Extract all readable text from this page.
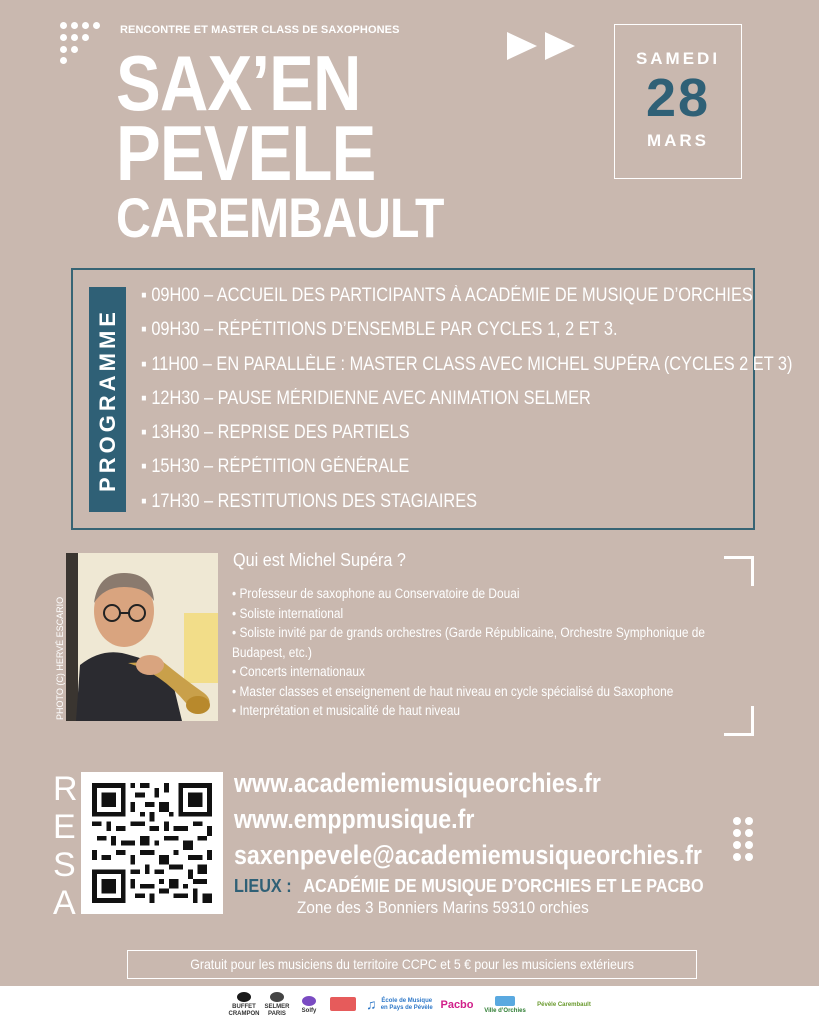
RENCONTRE ET MASTER CLASS DE SAXOPHONES
SAX’EN
PEVELE
CAREMBAULT
SAMEDI
28
MARS
PROGRAMME
▪ 09H00 – ACCUEIL DES PARTICIPANTS À ACADÉMIE DE MUSIQUE D’ORCHIES
▪ 09H30 – RÉPÉTITIONS D’ENSEMBLE PAR CYCLES 1, 2 ET 3.
▪ 11H00 – EN PARALLÈLE : MASTER CLASS AVEC MICHEL SUPÉRA (CYCLES 2 ET 3)
▪ 12H30 – PAUSE MÉRIDIENNE AVEC ANIMATION SELMER
▪ 13H30 – REPRISE DES PARTIELS
▪ 15H30 – RÉPÉTITION GÉNÉRALE
▪ 17H30 – RESTITUTIONS DES STAGIAIRES
PHOTO (C) HERVÉ ESCARIO
Qui est Michel Supéra ?
• Professeur de saxophone au Conservatoire de Douai
• Soliste international
• Soliste invité par de grands orchestres (Garde Républicaine, Orchestre Symphonique de
Budapest, etc.)
• Concerts internationaux
• Master classes et enseignement de haut niveau en cycle spécialisé du Saxophone
• Interprétation et musicalité de haut niveau
R
E
S
A
www.academiemusiqueorchies.fr
www.emppmusique.fr
saxenpevele@academiemusiqueorchies.fr
LIEUX : ACADÉMIE DE MUSIQUE D’ORCHIES ET LE PACBO
Zone des 3 Bonniers Marins 59310 orchies
Gratuit pour les musiciens du territoire CCPC et 5 € pour les musiciens extérieurs
BUFFET CRAMPON
SELMER PARIS
Solfy	♫ École de Musique en Pays de Pévèle Pacbo Ville d’Orchies
Pévèle Carembault
